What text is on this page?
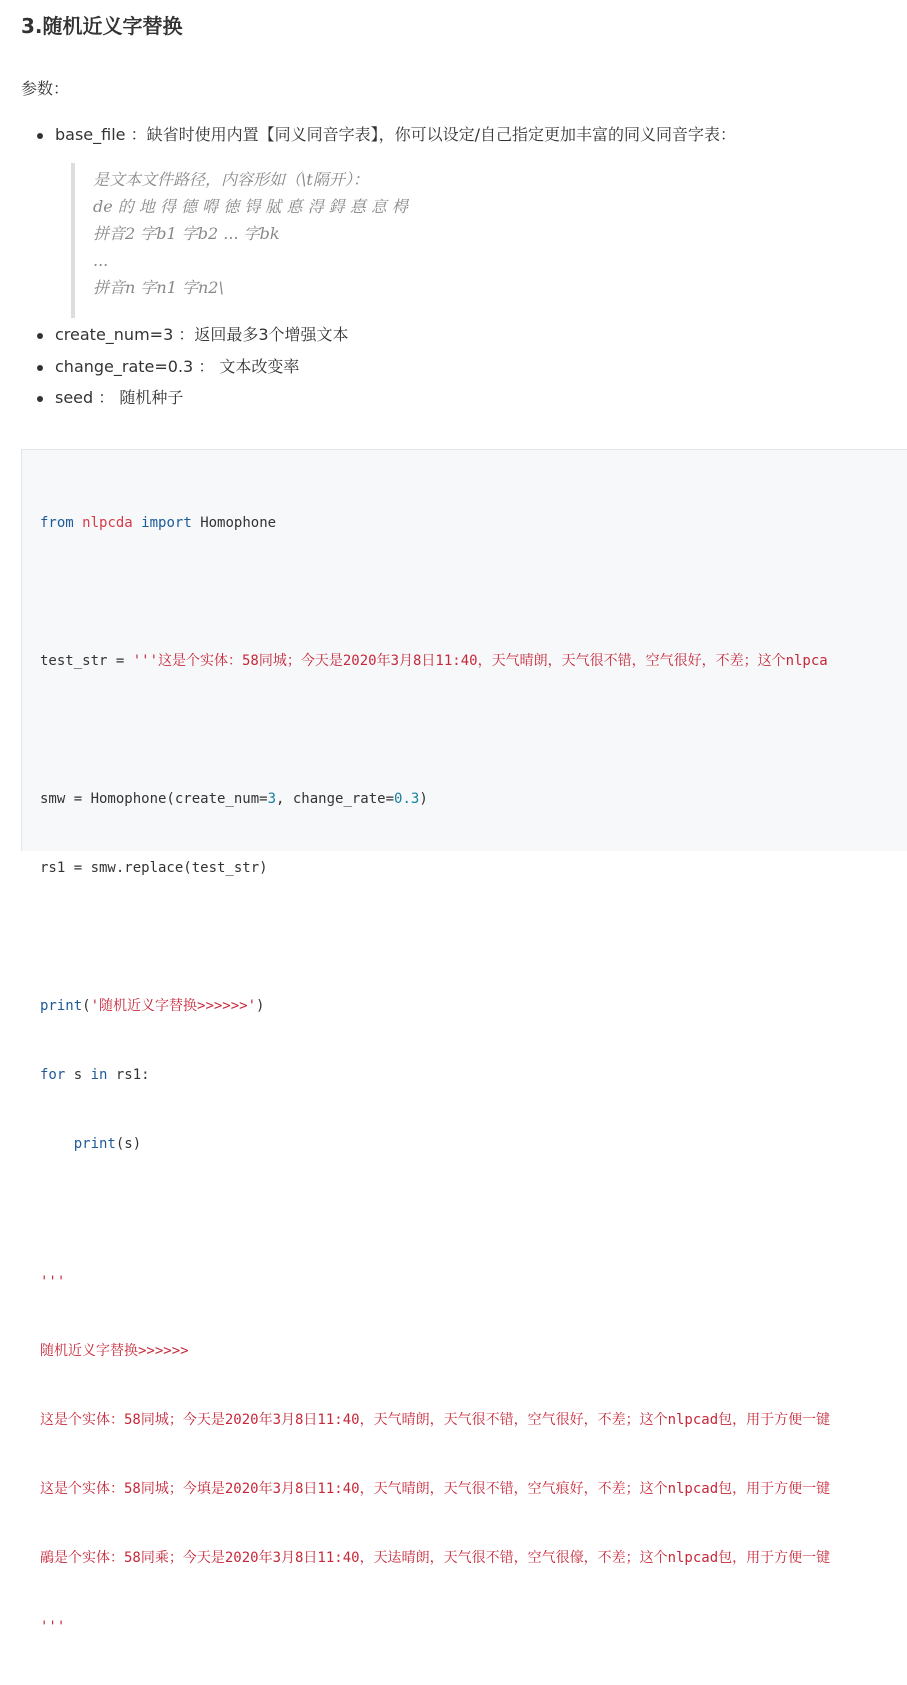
3.随机近义字替换

参数：

base_file ：缺省时使用内置【同义同音字表】，你可以设定/自己指定更加丰富的同义同音字表：
create_num=3 ：返回最多3个增强文本
change_rate=0.3 ： 文本改变率
seed ： 随机种子
是文本文件路径，内容形如（\t隔开）：
de 的 地 得 德 嘚 徳 锝 脦 悳 淂 鍀 惪 恴 棏
拼音2 字b1 字b2 ... 字bk
...
拼音n 字n1 字n2\

from nlpcda import Homophone

test_str = '''这是个实体：58同城；今天是2020年3月8日11:40，天气晴朗，天气很不错，空气很好，不差；这个nlpca

smw = Homophone(create_num=3, change_rate=0.3)

rs1 = smw.replace(test_str)

print('随机近义字替换>>>>>>')

for s in rs1:

print(s)

'''

随机近义字替换>>>>>>

这是个实体：58同城；今天是2020年3月8日11:40，天气晴朗，天气很不错，空气很好，不差；这个nlpcad包，用于方便一键

这是个实体：58同城；今填是2020年3月8日11:40，天气晴朗，天气很不错，空气痕好，不差；这个nlpcad包，用于方便一键

鷊是个实体：58同乘；今天是2020年3月8日11:40，天迲晴朗，天气很不错，空气很儫，不差；这个nlpcad包，用于方便一键

'''
